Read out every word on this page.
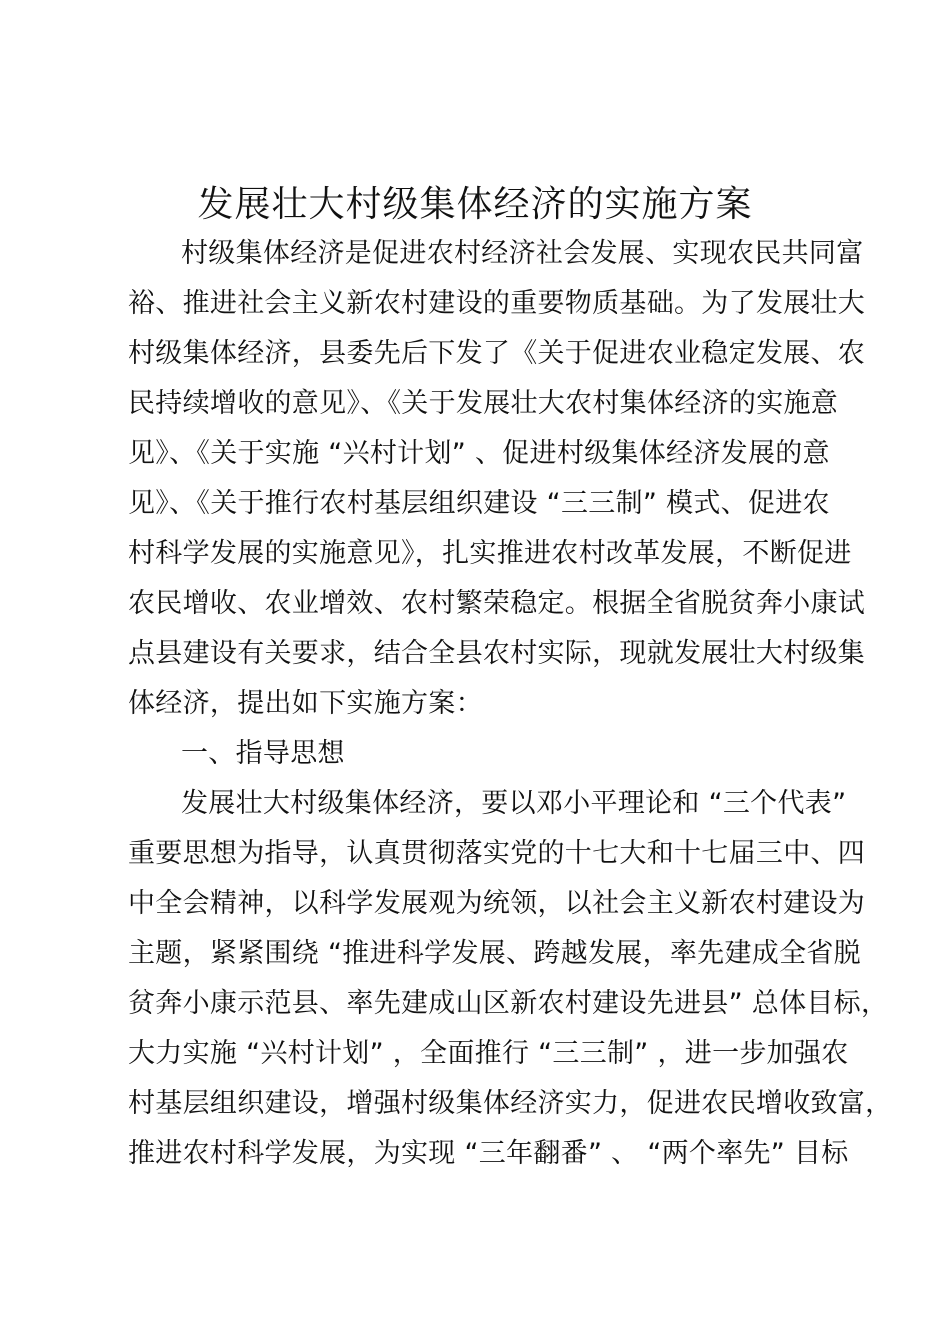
发展壮大村级集体经济的实施方案
村级集体经济是促进农村经济社会发展、实现农民共同富
裕、推进社会主义新农村建设的重要物质基础。为了发展壮大
村级集体经济，县委先后下发了《关于促进农业稳定发展、农
民持续增收的意见》、《关于发展壮大农村集体经济的实施意
见》、《关于实施 “兴村计划” 、促进村级集体经济发展的意
见》、《关于推行农村基层组织建设 “三三制” 模式、促进农
村科学发展的实施意见》，扎实推进农村改革发展，不断促进
农民增收、农业增效、农村繁荣稳定。根据全省脱贫奔小康试
点县建设有关要求，结合全县农村实际，现就发展壮大村级集
体经济，提出如下实施方案：
一、指导思想
发展壮大村级集体经济，要以邓小平理论和 “三个代表”
重要思想为指导，认真贯彻落实党的十七大和十七届三中、四
中全会精神，以科学发展观为统领，以社会主义新农村建设为
主题，紧紧围绕 “推进科学发展、跨越发展，率先建成全省脱
贫奔小康示范县、率先建成山区新农村建设先进县” 总体目标，
大力实施 “兴村计划” ，全面推行 “三三制” ，进一步加强农
村基层组织建设，增强村级集体经济实力，促进农民增收致富，
推进农村科学发展，为实现 “三年翻番” 、 “两个率先” 目标
